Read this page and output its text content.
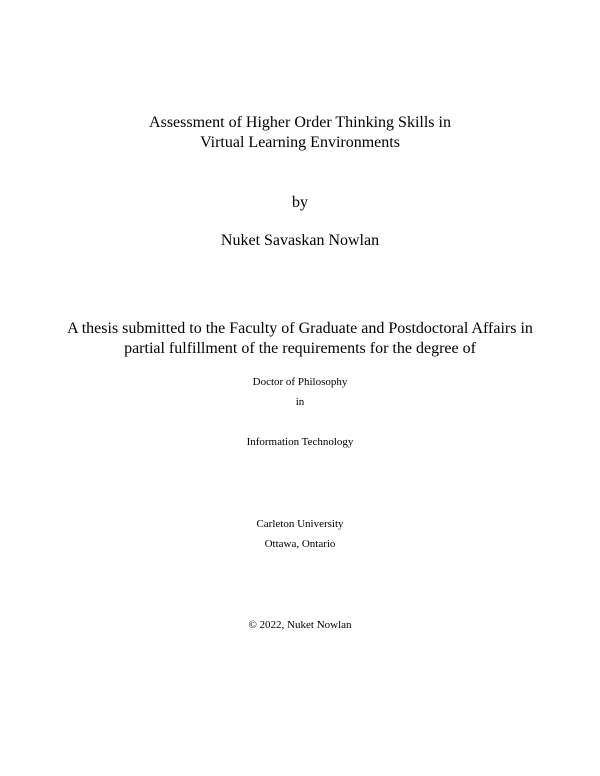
Assessment of Higher Order Thinking Skills in
Virtual Learning Environments
by
Nuket Savaskan Nowlan
A thesis submitted to the Faculty of Graduate and Postdoctoral Affairs in
partial fulfillment of the requirements for the degree of
Doctor of Philosophy
in
Information Technology
Carleton University
Ottawa, Ontario
© 2022, Nuket Nowlan
